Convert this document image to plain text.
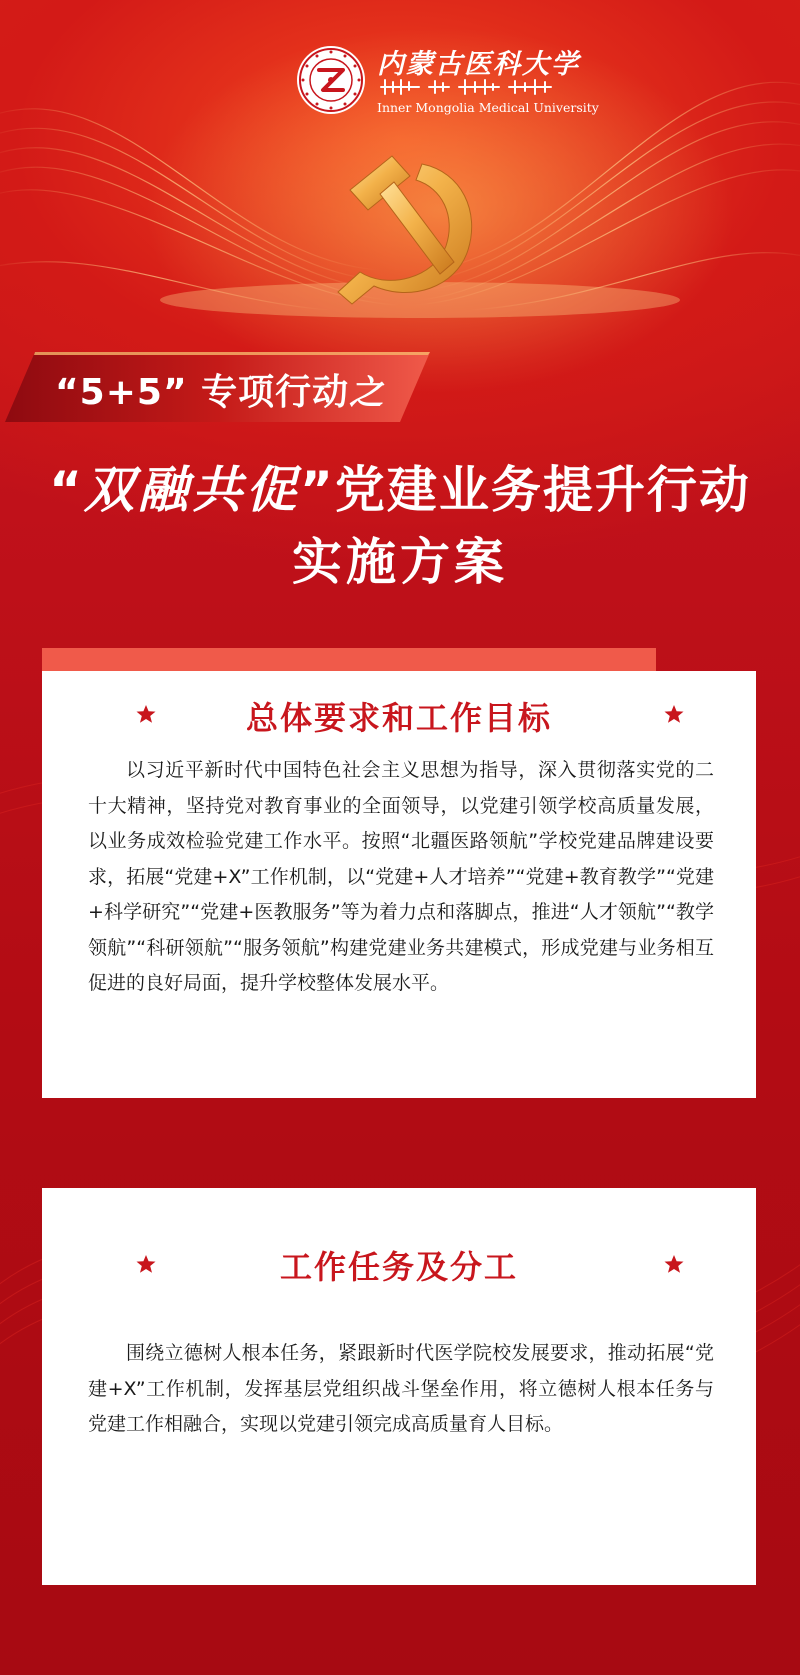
内蒙古医科大学
Inner Mongolia Medical University
“5+5” 专项行动之
“双融共促”党建业务提升行动
实施方案
总体要求和工作目标

以习近平新时代中国特色社会主义思想为指导，深入贯彻落实党的二十大精神，坚持党对教育事业的全面领导，以党建引领学校高质量发展，以业务成效检验党建工作水平。按照“北疆医路领航”学校党建品牌建设要求，拓展“党建+X”工作机制，以“党建+人才培养”“党建+教育教学”“党建+科学研究”“党建+医教服务”等为着力点和落脚点，推进“人才领航”“教学领航”“科研领航”“服务领航”构建党建业务共建模式，形成党建与业务相互促进的良好局面，提升学校整体发展水平。

工作任务及分工

围绕立德树人根本任务，紧跟新时代医学院校发展要求，推动拓展“党建+X”工作机制，发挥基层党组织战斗堡垒作用，将立德树人根本任务与党建工作相融合，实现以党建引领完成高质量育人目标。
